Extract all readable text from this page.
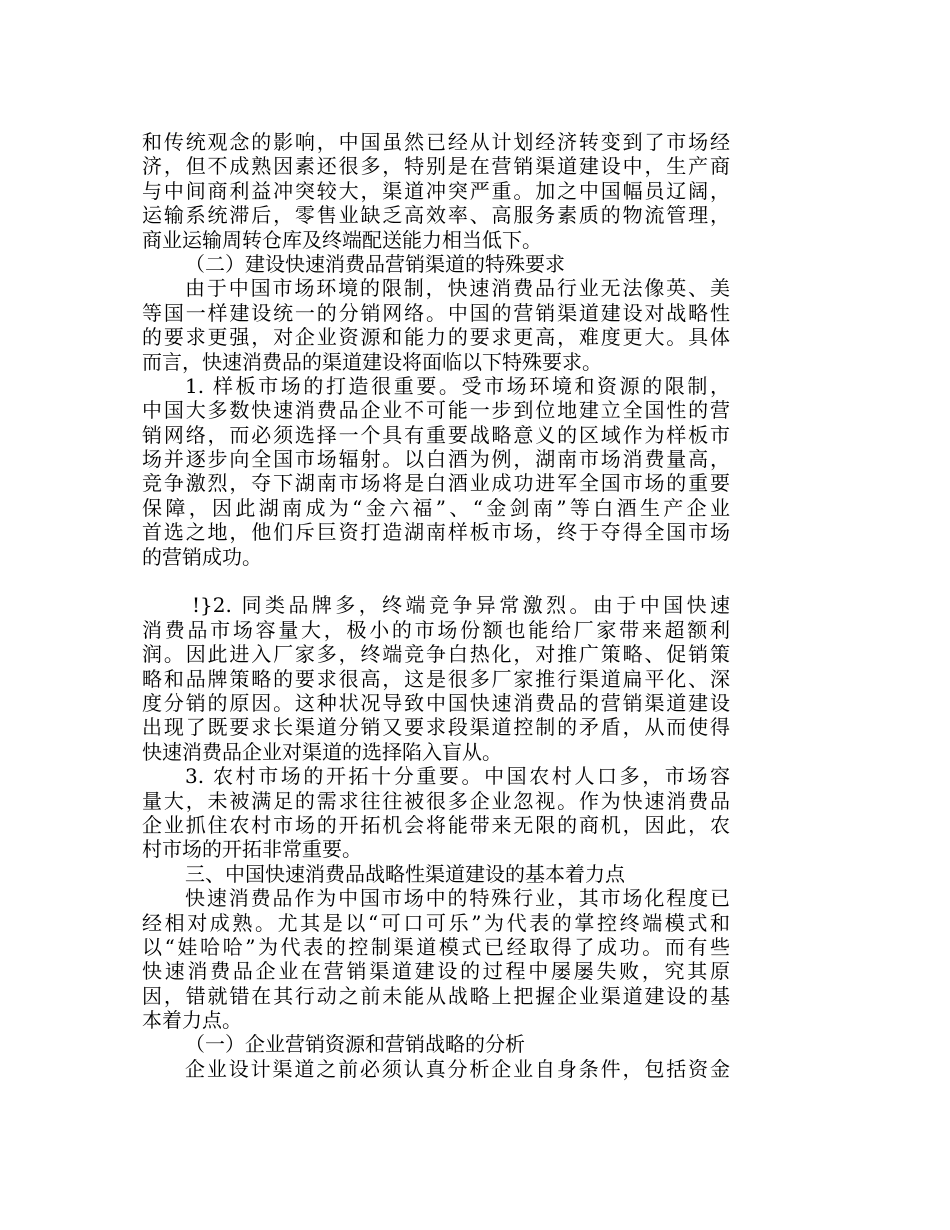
和传统观念的影响，中国虽然已经从计划经济转变到了市场经
济，但不成熟因素还很多，特别是在营销渠道建设中，生产商
与中间商利益冲突较大，渠道冲突严重。加之中国幅员辽阔，
运输系统滞后，零售业缺乏高效率、高服务素质的物流管理，
商业运输周转仓库及终端配送能力相当低下。
（二）建设快速消费品营销渠道的特殊要求
由于中国市场环境的限制，快速消费品行业无法像英、美
等国一样建设统一的分销网络。中国的营销渠道建设对战略性
的要求更强，对企业资源和能力的要求更高，难度更大。具体
而言，快速消费品的渠道建设将面临以下特殊要求。
1. 样板市场的打造很重要。受市场环境和资源的限制，
中国大多数快速消费品企业不可能一步到位地建立全国性的营
销网络，而必须选择一个具有重要战略意义的区域作为样板市
场并逐步向全国市场辐射。以白酒为例，湖南市场消费量高，
竞争激烈，夺下湖南市场将是白酒业成功进军全国市场的重要
保障，因此湖南成为“金六福”、“金剑南”等白酒生产企业
首选之地，他们斥巨资打造湖南样板市场，终于夺得全国市场
的营销成功。
!}2. 同类品牌多，终端竞争异常激烈。由于中国快速
消费品市场容量大，极小的市场份额也能给厂家带来超额利
润。因此进入厂家多，终端竞争白热化，对推广策略、促销策
略和品牌策略的要求很高，这是很多厂家推行渠道扁平化、深
度分销的原因。这种状况导致中国快速消费品的营销渠道建设
出现了既要求长渠道分销又要求段渠道控制的矛盾，从而使得
快速消费品企业对渠道的选择陷入盲从。
3. 农村市场的开拓十分重要。中国农村人口多，市场容
量大，未被满足的需求往往被很多企业忽视。作为快速消费品
企业抓住农村市场的开拓机会将能带来无限的商机，因此，农
村市场的开拓非常重要。
三、中国快速消费品战略性渠道建设的基本着力点
快速消费品作为中国市场中的特殊行业，其市场化程度已
经相对成熟。尤其是以“可口可乐”为代表的掌控终端模式和
以“娃哈哈”为代表的控制渠道模式已经取得了成功。而有些
快速消费品企业在营销渠道建设的过程中屡屡失败，究其原
因，错就错在其行动之前未能从战略上把握企业渠道建设的基
本着力点。
（一）企业营销资源和营销战略的分析
企业设计渠道之前必须认真分析企业自身条件，包括资金
